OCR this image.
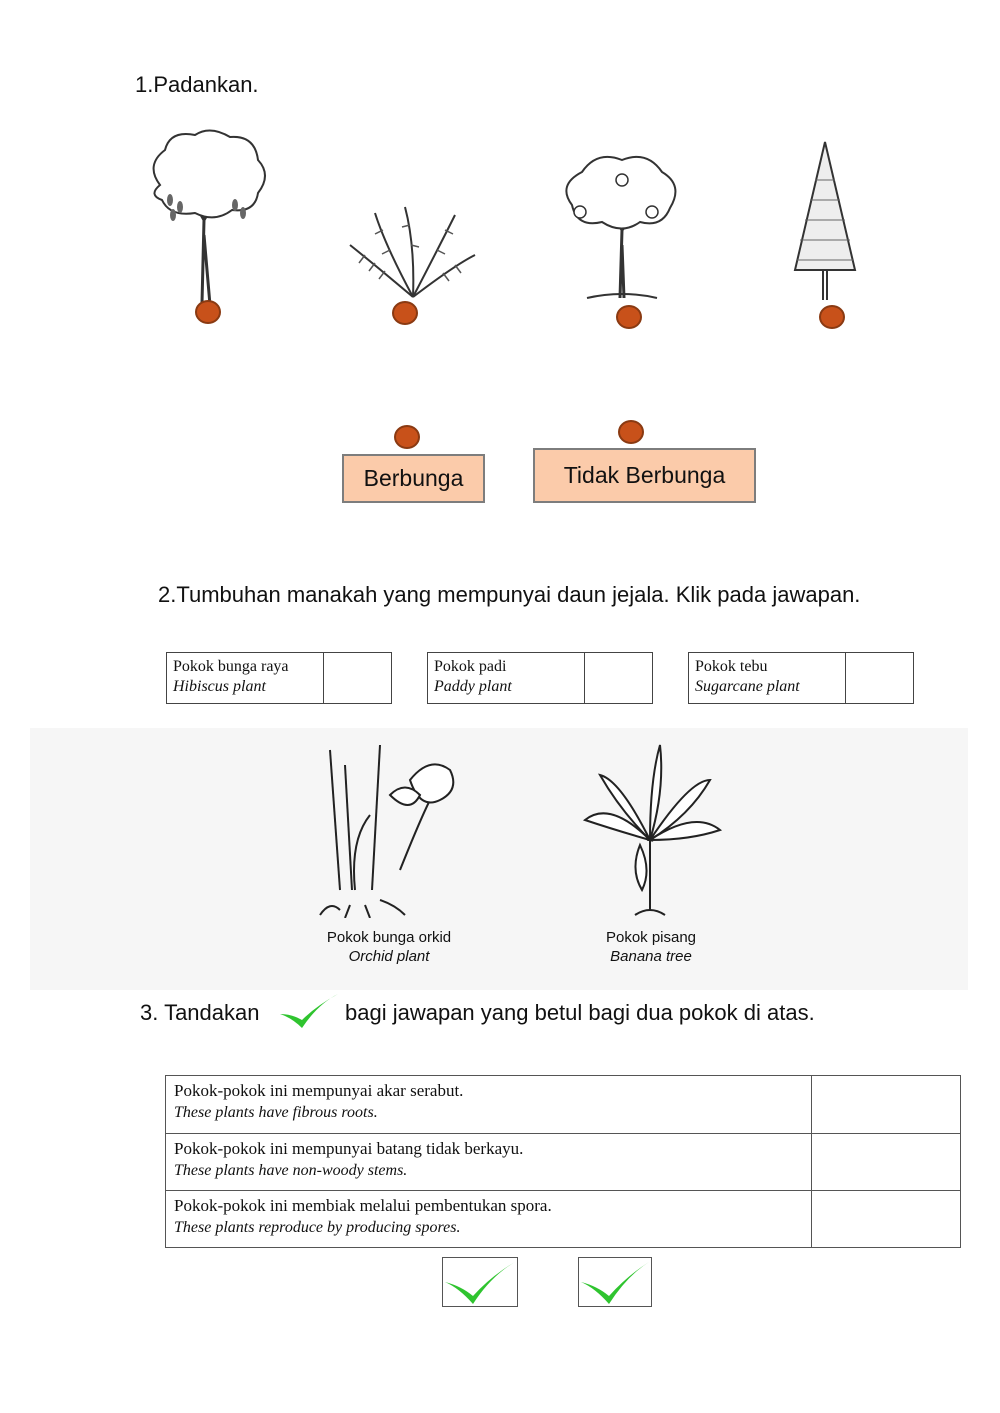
1.Padankan.
Berbunga	Tidak Berbunga
2.Tumbuhan manakah yang mempunyai daun jejala. Klik pada jawapan.
Pokok bunga raya
Hibiscus plant
Pokok padi
Paddy plant
Pokok tebu
Sugarcane plant
Pokok bunga orkid
Orchid plant
Pokok pisang
Banana tree
3. Tandakan	bagi jawapan yang betul bagi dua pokok di atas.
Pokok-pokok ini mempunyai akar serabut.
These plants have fibrous roots.	

Pokok-pokok ini mempunyai batang tidak berkayu.
These plants have non-woody stems.	

Pokok-pokok ini membiak melalui pembentukan spora.
These plants reproduce by producing spores.	
